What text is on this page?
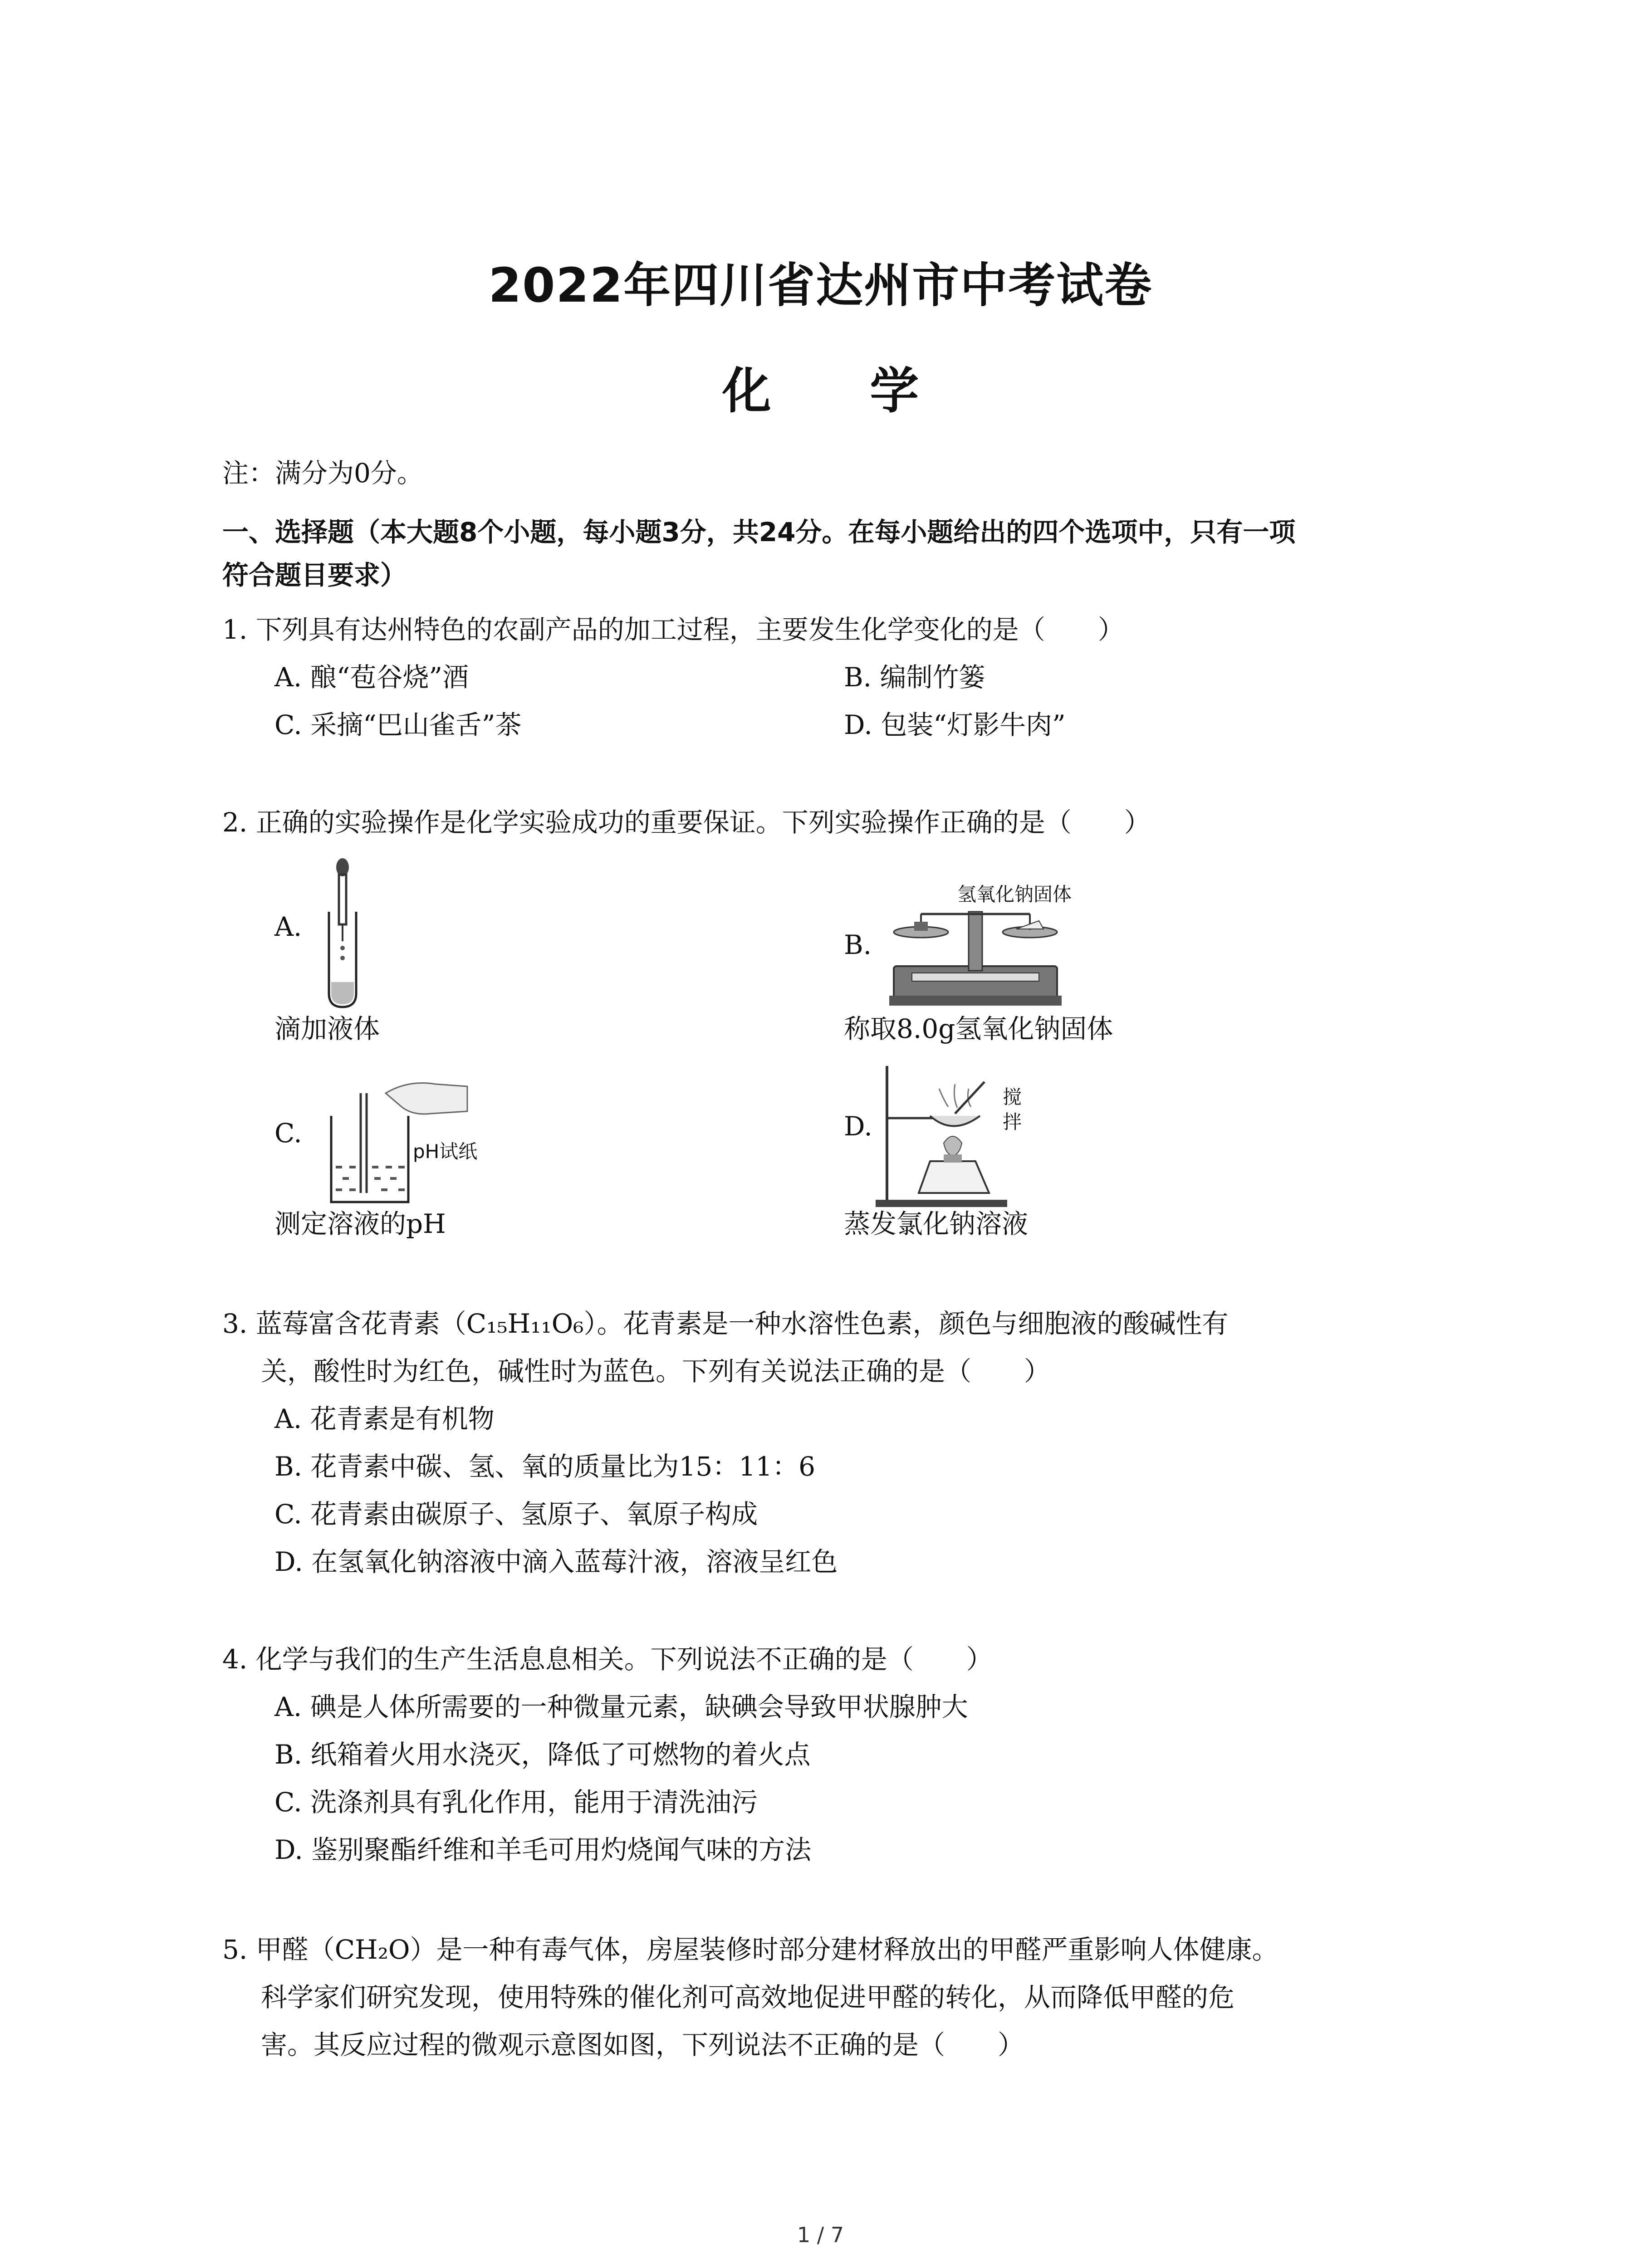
2022年四川省达州市中考试卷
化 学
注：满分为0分。
一、选择题（本大题8个小题，每小题3分，共24分。在每小题给出的四个选项中，只有一项
符合题目要求）
1. 下列具有达州特色的农副产品的加工过程，主要发生化学变化的是（　　）
A. 酿“苞谷烧”酒	B. 编制竹篓
C. 采摘“巴山雀舌”茶	D. 包装“灯影牛肉”
2. 正确的实验操作是化学实验成功的重要保证。下列实验操作正确的是（　　）
A.
滴加液体
B.
氢氧化钠固体
称取8.0g氢氧化钠固体
C.
pH试纸
测定溶液的pH
D.
搅
拌
蒸发氯化钠溶液
3. 蓝莓富含花青素（C₁₅H₁₁O₆）。花青素是一种水溶性色素，颜色与细胞液的酸碱性有
关，酸性时为红色，碱性时为蓝色。下列有关说法正确的是（　　）
A. 花青素是有机物
B. 花青素中碳、氢、氧的质量比为15：11：6
C. 花青素由碳原子、氢原子、氧原子构成
D. 在氢氧化钠溶液中滴入蓝莓汁液，溶液呈红色
4. 化学与我们的生产生活息息相关。下列说法不正确的是（　　）
A. 碘是人体所需要的一种微量元素，缺碘会导致甲状腺肿大
B. 纸箱着火用水浇灭，降低了可燃物的着火点
C. 洗涤剂具有乳化作用，能用于清洗油污
D. 鉴别聚酯纤维和羊毛可用灼烧闻气味的方法
5. 甲醛（CH₂O）是一种有毒气体，房屋装修时部分建材释放出的甲醛严重影响人体健康。
科学家们研究发现，使用特殊的催化剂可高效地促进甲醛的转化，从而降低甲醛的危
害。其反应过程的微观示意图如图，下列说法不正确的是（　　）
1 / 7
